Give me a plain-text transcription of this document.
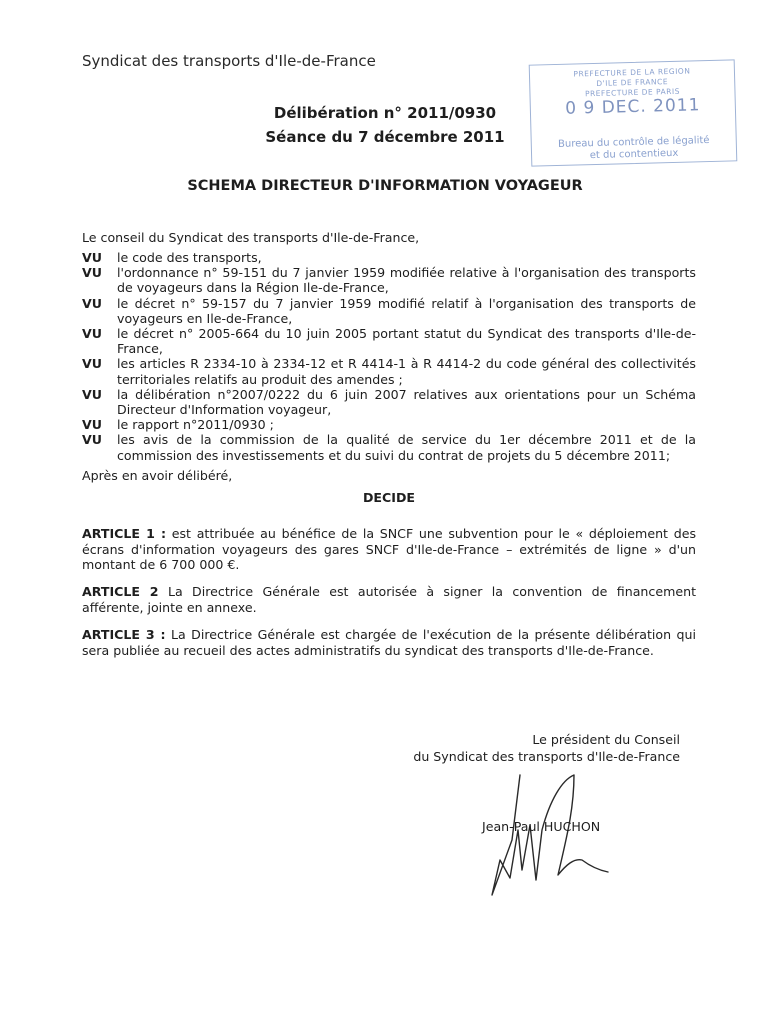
Syndicat des transports d'Ile-de-France
PREFECTURE DE LA REGION
D'ILE DE FRANCE
PREFECTURE DE PARIS
0 9 DEC. 2011
Bureau du contrôle de légalité
et du contentieux
Délibération n° 2011/0930
Séance du 7 décembre 2011
SCHEMA DIRECTEUR D'INFORMATION VOYAGEUR
Le conseil du Syndicat des transports d'Ile-de-France,
VU	le code des transports,
VU	l'ordonnance n° 59-151 du 7 janvier 1959 modifiée relative à l'organisation des transports de voyageurs dans la Région Ile-de-France,
VU	le décret n° 59-157 du 7 janvier 1959 modifié relatif à l'organisation des transports de voyageurs en Ile-de-France,
VU	le décret n° 2005-664 du 10 juin 2005 portant statut du Syndicat des transports d'Ile-de-France,
VU	les articles R 2334-10 à 2334-12 et R 4414-1 à R 4414-2 du code général des collectivités territoriales relatifs au produit des amendes ;
VU	la délibération n°2007/0222 du 6 juin 2007 relatives aux orientations pour un Schéma Directeur d'Information voyageur,
VU	le rapport n°2011/0930 ;
VU	les avis de la commission de la qualité de service du 1er décembre 2011 et de la commission des investissements et du suivi du contrat de projets du 5 décembre 2011;
Après en avoir délibéré,
DECIDE
ARTICLE 1 : est attribuée au bénéfice de la SNCF une subvention pour le « déploiement des écrans d'information voyageurs des gares SNCF d'Ile-de-France – extrémités de ligne » d'un montant de 6 700 000 €.
ARTICLE 2 La Directrice Générale est autorisée à signer la convention de financement afférente, jointe en annexe.
ARTICLE 3 : La Directrice Générale est chargée de l'exécution de la présente délibération qui sera publiée au recueil des actes administratifs du syndicat des transports d'Ile-de-France.
Le président du Conseil
du Syndicat des transports d'Ile-de-France
Jean-Paul HUCHON
